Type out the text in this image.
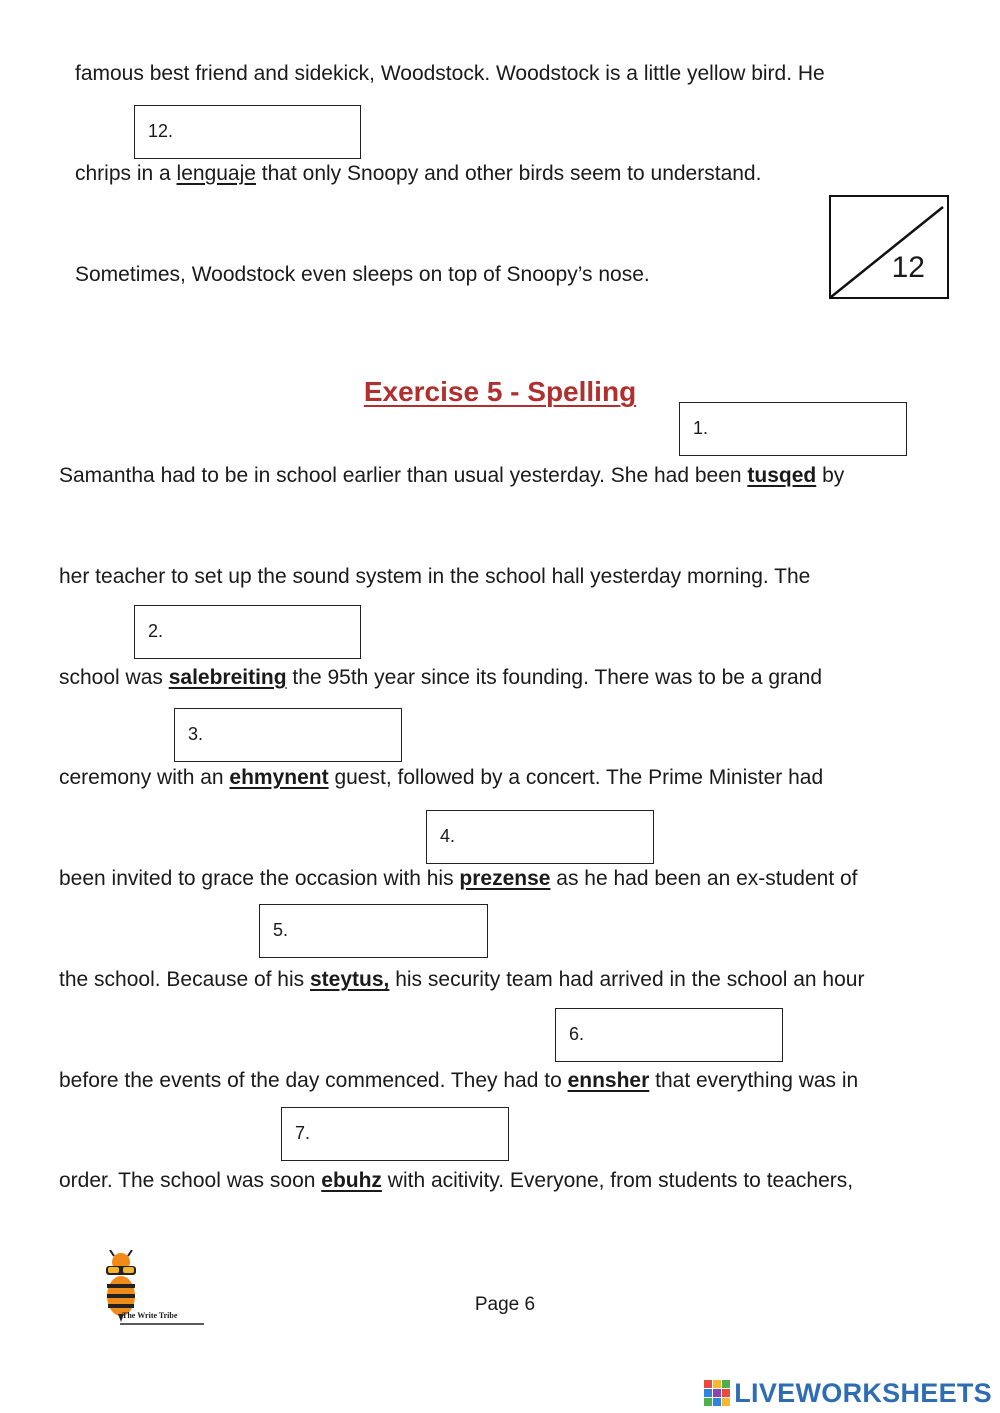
famous best friend and sidekick, Woodstock. Woodstock is a little yellow bird. He
12.
chrips in a lenguaje that only Snoopy and other birds seem to understand.
Sometimes, Woodstock even sleeps on top of Snoopy’s nose.	12
Exercise 5 - Spelling
1.
Samantha had to be in school earlier than usual yesterday. She had been tusqed by
her teacher to set up the sound system in the school hall yesterday morning. The
2.
school was salebreiting the 95th year since its founding. There was to be a grand
3.
ceremony with an ehmynent guest, followed by a concert. The Prime Minister had
4.
been invited to grace the occasion with his prezense as he had been an ex-student of
5.
the school. Because of his steytus, his security team had arrived in the school an hour
6.
before the events of the day commenced. They had to ennsher that everything was in
7.
order. The school was soon ebuhz with acitivity. Everyone, from students to teachers,
The Write Tribe
Page 6
LIVEWORKSHEETS
